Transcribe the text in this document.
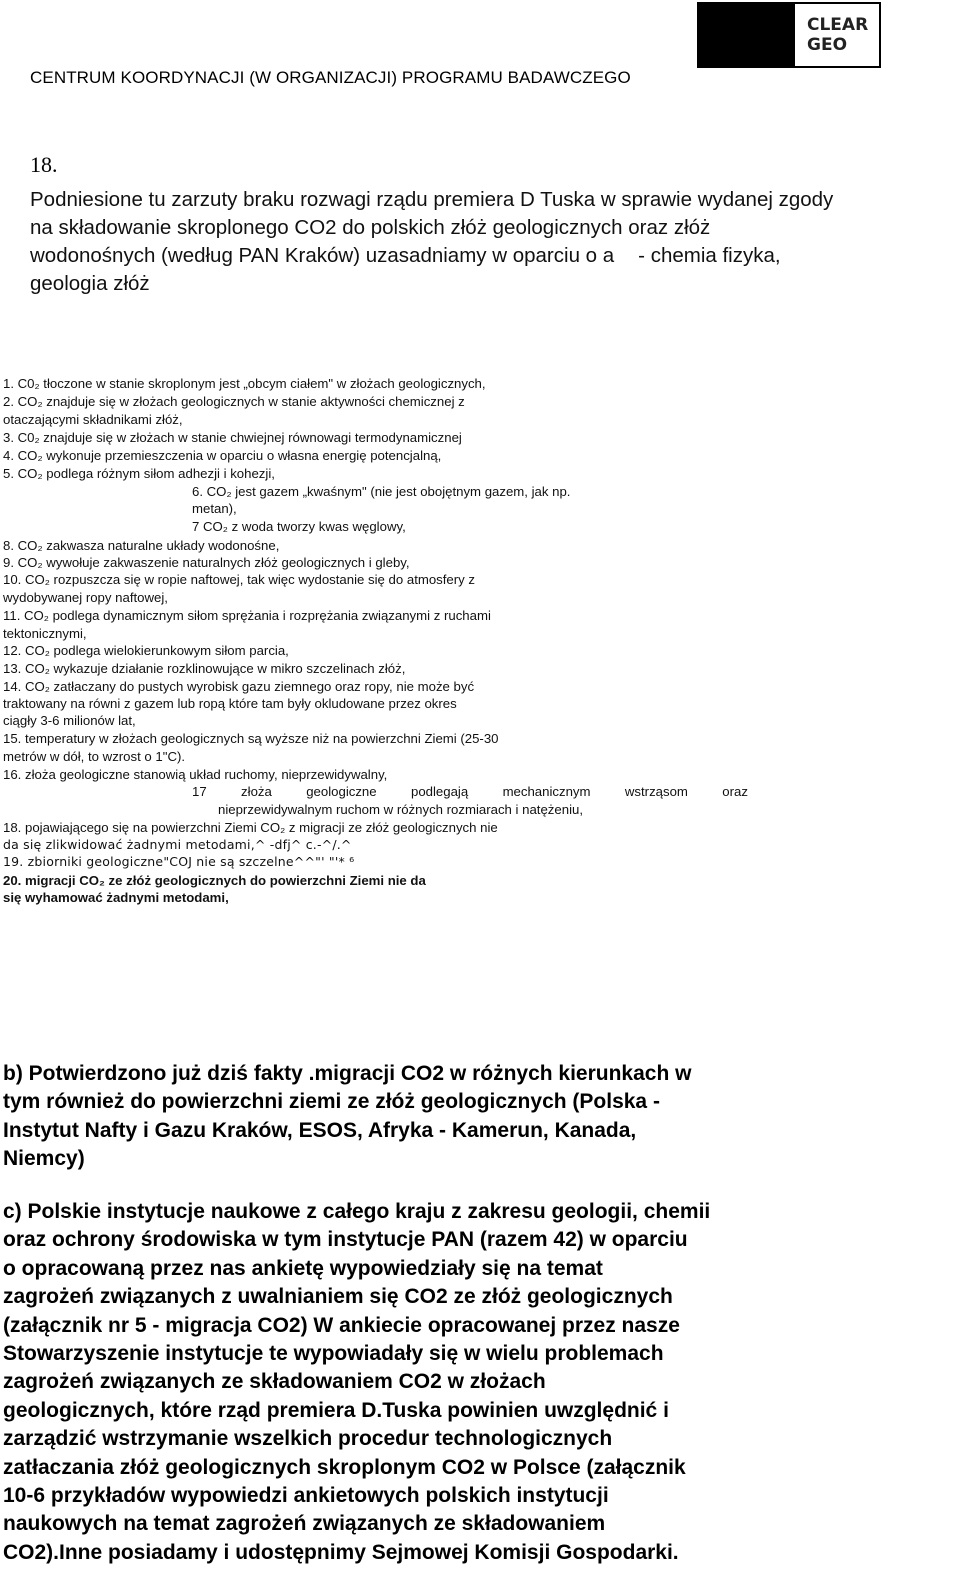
CENTRUM KOORDYNACJI (W ORGANIZACJI) PROGRAMU BADAWCZEGO
CLEAR
GEO
18.
Podniesione tu zarzuty braku rozwagi rządu premiera D Tuska w sprawie wydanej zgody
na składowanie skroplonego CO2 do polskich złóż geologicznych oraz złóż
wodonośnych (według PAN Kraków) uzasadniamy w oparciu o a - chemia fizyka,
geologia złóż
1. C0₂ tłoczone w stanie skroplonym jest „obcym ciałem" w złożach geologicznych,
2. CO₂ znajduje się w złożach geologicznych w stanie aktywności chemicznej z
otaczającymi składnikami złóż,
3. C0₂ znajduje się w złożach w stanie chwiejnej równowagi termodynamicznej
4. CO₂ wykonuje przemieszczenia w oparciu o własna energię potencjalną,
5. CO₂ podlega różnym siłom adhezji i kohezji,
6. CO₂ jest gazem „kwaśnym" (nie jest obojętnym gazem, jak np.
metan),
7 CO₂ z woda tworzy kwas węglowy,
8. CO₂ zakwasza naturalne układy wodonośne,
9. CO₂ wywołuje zakwaszenie naturalnych złóż geologicznych i gleby,
10. CO₂ rozpuszcza się w ropie naftowej, tak więc wydostanie się do atmosfery z
wydobywanej ropy naftowej,
11. CO₂ podlega dynamicznym siłom sprężania i rozprężania związanymi z ruchami
tektonicznymi,
12. CO₂ podlega wielokierunkowym siłom parcia,
13. CO₂ wykazuje działanie rozklinowujące w mikro szczelinach złóż,
14. CO₂ zatłaczany do pustych wyrobisk gazu ziemnego oraz ropy, nie może być
traktowany na równi z gazem lub ropą które tam były okludowane przez okres
ciągły 3-6 milionów lat,
15. temperatury w złożach geologicznych są wyższe niż na powierzchni Ziemi (25-30
metrów w dół, to wzrost o 1"C).
16. złoża geologiczne stanowią układ ruchomy, nieprzewidywalny,
17	złoża	geologiczne	podlegają	mechanicznym	wstrząsom	oraz
nieprzewidywalnym ruchom w różnych rozmiarach i natężeniu,
18. pojawiającego się na powierzchni Ziemi CO₂ z migracji ze złóż geologicznych nie
da się zlikwidować żadnymi metodami,^ -dfj^ c.-^/.^
19. zbiorniki geologiczne"COJ nie są szczelne^^"' "'* ⁶
20. migracji CO₂ ze złóż geologicznych do powierzchni Ziemi nie da
się wyhamować żadnymi metodami,
b) Potwierdzono już dziś fakty .migracji CO2 w różnych kierunkach w
tym również do powierzchni ziemi ze złóż geologicznych (Polska -
Instytut Nafty i Gazu Kraków, ESOS, Afryka - Kamerun, Kanada,
Niemcy)
c) Polskie instytucje naukowe z całego kraju z zakresu geologii, chemii
oraz ochrony środowiska w tym instytucje PAN (razem 42) w oparciu
o opracowaną przez nas ankietę wypowiedziały się na temat
zagrożeń związanych z uwalnianiem się CO2 ze złóż geologicznych
(załącznik nr 5 - migracja CO2) W ankiecie opracowanej przez nasze
Stowarzyszenie instytucje te wypowiadały się w wielu problemach
zagrożeń związanych ze składowaniem CO2 w złożach
geologicznych, które rząd premiera D.Tuska powinien uwzględnić i
zarządzić wstrzymanie wszelkich procedur technologicznych
zatłaczania złóż geologicznych skroplonym CO2 w Polsce (załącznik
10-6 przykładów wypowiedzi ankietowych polskich instytucji
naukowych na temat zagrożeń związanych ze składowaniem
CO2).Inne posiadamy i udostępnimy Sejmowej Komisji Gospodarki.
